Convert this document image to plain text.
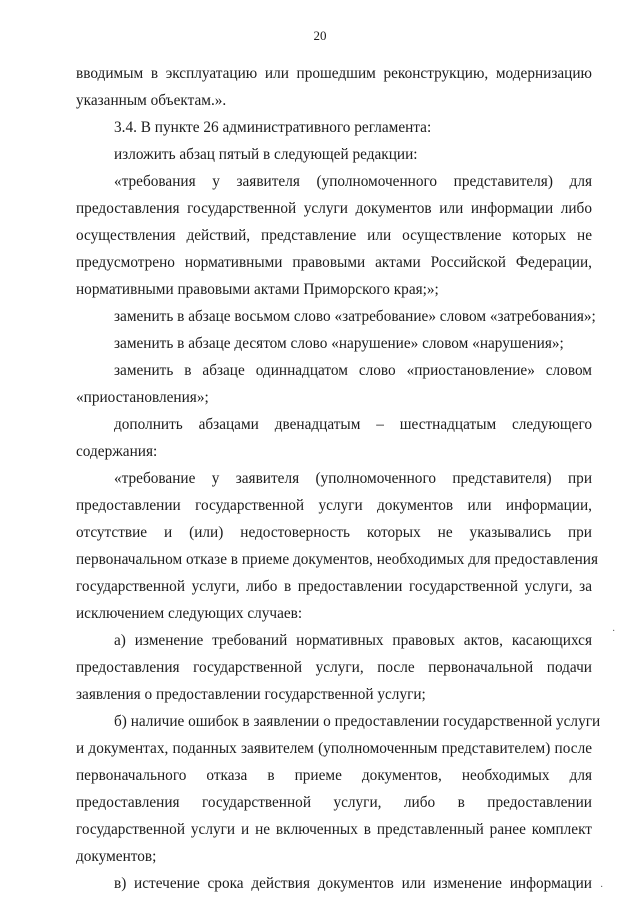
20
вводимым в эксплуатацию или прошедшим реконструкцию, модернизацию
указанным объектам.».
3.4. В пункте 26 административного регламента:
изложить абзац пятый в следующей редакции:
«требования у заявителя (уполномоченного представителя) для
предоставления государственной услуги документов или информации либо
осуществления действий, представление или осуществление которых не
предусмотрено нормативными правовыми актами Российской Федерации,
нормативными правовыми актами Приморского края;»;
заменить в абзаце восьмом слово «затребование» словом «затребования»;
заменить в абзаце десятом слово «нарушение» словом «нарушения»;
заменить в абзаце одиннадцатом слово «приостановление» словом
«приостановления»;
дополнить абзацами двенадцатым – шестнадцатым следующего
содержания:
«требование у заявителя (уполномоченного представителя) при
предоставлении государственной услуги документов или информации,
отсутствие и (или) недостоверность которых не указывались при
первоначальном отказе в приеме документов, необходимых для предоставления
государственной услуги, либо в предоставлении государственной услуги, за
исключением следующих случаев:
а) изменение требований нормативных правовых актов, касающихся
предоставления государственной услуги, после первоначальной подачи
заявления о предоставлении государственной услуги;
б) наличие ошибок в заявлении о предоставлении государственной услуги
и документах, поданных заявителем (уполномоченным представителем) после
первоначального отказа в приеме документов, необходимых для
предоставления государственной услуги, либо в предоставлении
государственной услуги и не включенных в представленный ранее комплект
документов;
в) истечение срока действия документов или изменение информации
·
·
